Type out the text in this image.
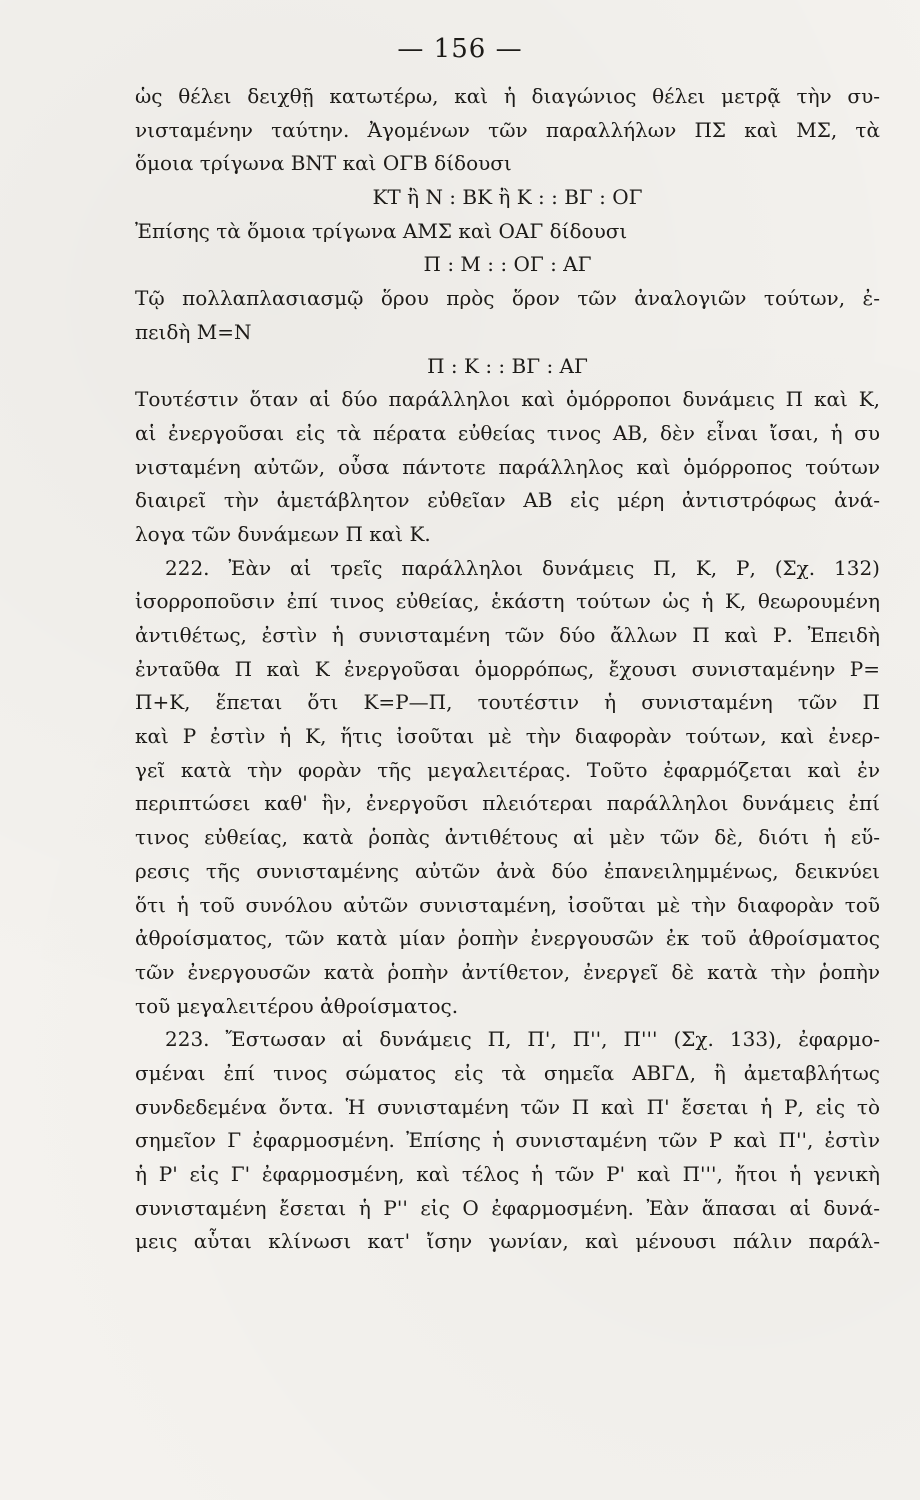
— 156 —
ὡς θέλει δειχθῇ κατωτέρω, καὶ ἡ διαγώνιος θέλει μετρᾷ τὴν συ-
νισταμένην ταύτην. Ἀγομένων τῶν παραλλήλων ΠΣ καὶ ΜΣ, τὰ
ὅμοια τρίγωνα ΒΝΤ καὶ ΟΓΒ δίδουσι
ΚΤ ἢ Ν : ΒΚ ἢ Κ : : ΒΓ : ΟΓ
Ἐπίσης τὰ ὅμοια τρίγωνα ΑΜΣ καὶ ΟΑΓ δίδουσι
Π : Μ : : ΟΓ : ΑΓ
Τῷ πολλαπλασιασμῷ ὅρου πρὸς ὅρον τῶν ἀναλογιῶν τούτων, ἐ-
πειδὴ Μ=Ν
Π : Κ : : ΒΓ : ΑΓ
Τουτέστιν ὅταν αἱ δύο παράλληλοι καὶ ὁμόρροποι δυνάμεις Π καὶ Κ,
αἱ ἐνεργοῦσαι εἰς τὰ πέρατα εὐθείας τινος ΑΒ, δὲν εἶναι ἴσαι, ἡ συ
νισταμένη αὐτῶν, οὖσα πάντοτε παράλληλος καὶ ὁμόρροπος τούτων
διαιρεῖ τὴν ἀμετάβλητον εὐθεῖαν ΑΒ εἰς μέρη ἀντιστρόφως ἀνά-
λογα τῶν δυνάμεων Π καὶ Κ.
222. Ἐὰν αἱ τρεῖς παράλληλοι δυνάμεις Π, Κ, Ρ, (Σχ. 132)
ἰσορροποῦσιν ἐπί τινος εὐθείας, ἑκάστη τούτων ὡς ἡ Κ, θεωρουμένη
ἀντιθέτως, ἐστὶν ἡ συνισταμένη τῶν δύο ἄλλων Π καὶ Ρ. Ἐπειδὴ
ἐνταῦθα Π καὶ Κ ἐνεργοῦσαι ὁμορρόπως, ἔχουσι συνισταμένην Ρ=
Π+Κ, ἕπεται ὅτι Κ=Ρ—Π, τουτέστιν ἡ συνισταμένη τῶν Π
καὶ Ρ ἐστὶν ἡ Κ, ἥτις ἰσοῦται μὲ τὴν διαφορὰν τούτων, καὶ ἐνερ-
γεῖ κατὰ τὴν φορὰν τῆς μεγαλειτέρας. Τοῦτο ἐφαρμόζεται καὶ ἐν
περιπτώσει καθ' ἣν, ἐνεργοῦσι πλειότεραι παράλληλοι δυνάμεις ἐπί
τινος εὐθείας, κατὰ ῥοπὰς ἀντιθέτους αἱ μὲν τῶν δὲ, διότι ἡ εὕ-
ρεσις τῆς συνισταμένης αὐτῶν ἀνὰ δύο ἐπανειλημμένως, δεικνύει
ὅτι ἡ τοῦ συνόλου αὐτῶν συνισταμένη, ἰσοῦται μὲ τὴν διαφορὰν τοῦ
ἀθροίσματος, τῶν κατὰ μίαν ῥοπὴν ἐνεργουσῶν ἐκ τοῦ ἀθροίσματος
τῶν ἐνεργουσῶν κατὰ ῥοπὴν ἀντίθετον, ἐνεργεῖ δὲ κατὰ τὴν ῥοπὴν
τοῦ μεγαλειτέρου ἀθροίσματος.
223. Ἔστωσαν αἱ δυνάμεις Π, Π', Π'', Π''' (Σχ. 133), ἐφαρμο-
σμέναι ἐπί τινος σώματος εἰς τὰ σημεῖα ΑΒΓΔ, ἢ ἀμεταβλήτως
συνδεδεμένα ὄντα. Ἡ συνισταμένη τῶν Π καὶ Π' ἔσεται ἡ Ρ, εἰς τὸ
σημεῖον Γ ἐφαρμοσμένη. Ἐπίσης ἡ συνισταμένη τῶν Ρ καὶ Π'', ἐστὶν
ἡ Ρ' εἰς Γ' ἐφαρμοσμένη, καὶ τέλος ἡ τῶν Ρ' καὶ Π''', ἤτοι ἡ γενικὴ
συνισταμένη ἔσεται ἡ Ρ'' εἰς Ο ἐφαρμοσμένη. Ἐὰν ἅπασαι αἱ δυνά-
μεις αὗται κλίνωσι κατ' ἴσην γωνίαν, καὶ μένουσι πάλιν παράλ-
